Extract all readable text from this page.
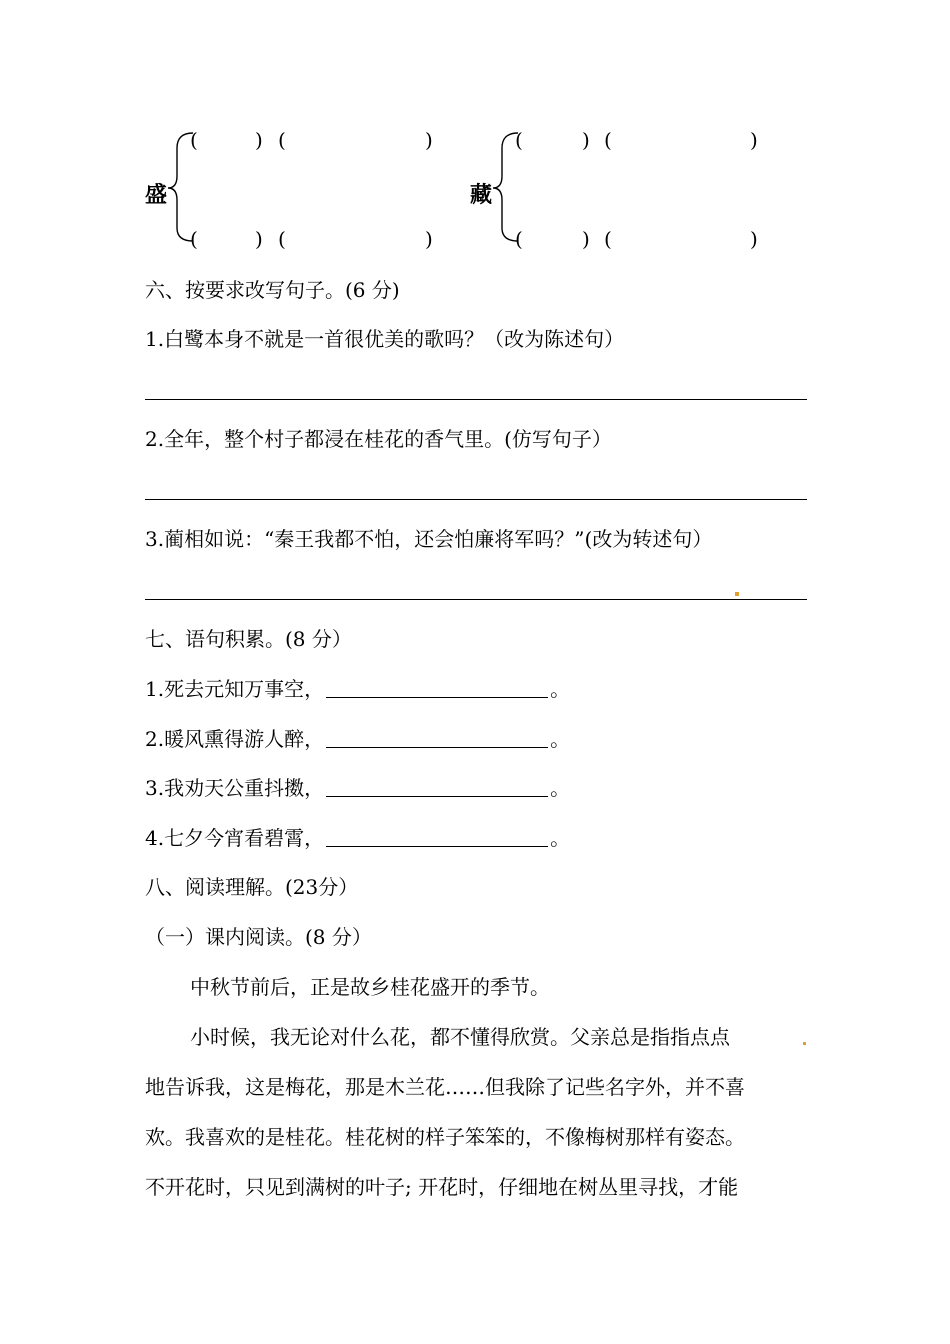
盛
(	) (	)
(	) (	)
藏
(	) (	)
(	) (	)
六、按要求改写句子。(6 分)
1.白鹭本身不就是一首很优美的歌吗？（改为陈述句）
2.全年，整个村子都浸在桂花的香气里。(仿写句子）
3.蔺相如说：“秦王我都不怕，还会怕廉将军吗？”(改为转述句）
七、语句积累。(8 分）
1.死去元知万事空，	。
2.暖风熏得游人醉，	。
3.我劝天公重抖擞，	。
4.七夕今宵看碧霄，	。
八、阅读理解。(23分）
（一）课内阅读。(8 分）
中秋节前后，正是故乡桂花盛开的季节。
小时候，我无论对什么花，都不懂得欣赏。父亲总是指指点点
地告诉我，这是梅花，那是木兰花……但我除了记些名字外，并不喜
欢。我喜欢的是桂花。桂花树的样子笨笨的，不像梅树那样有姿态。
不开花时，只见到满树的叶子; 开花时，仔细地在树丛里寻找，才能
